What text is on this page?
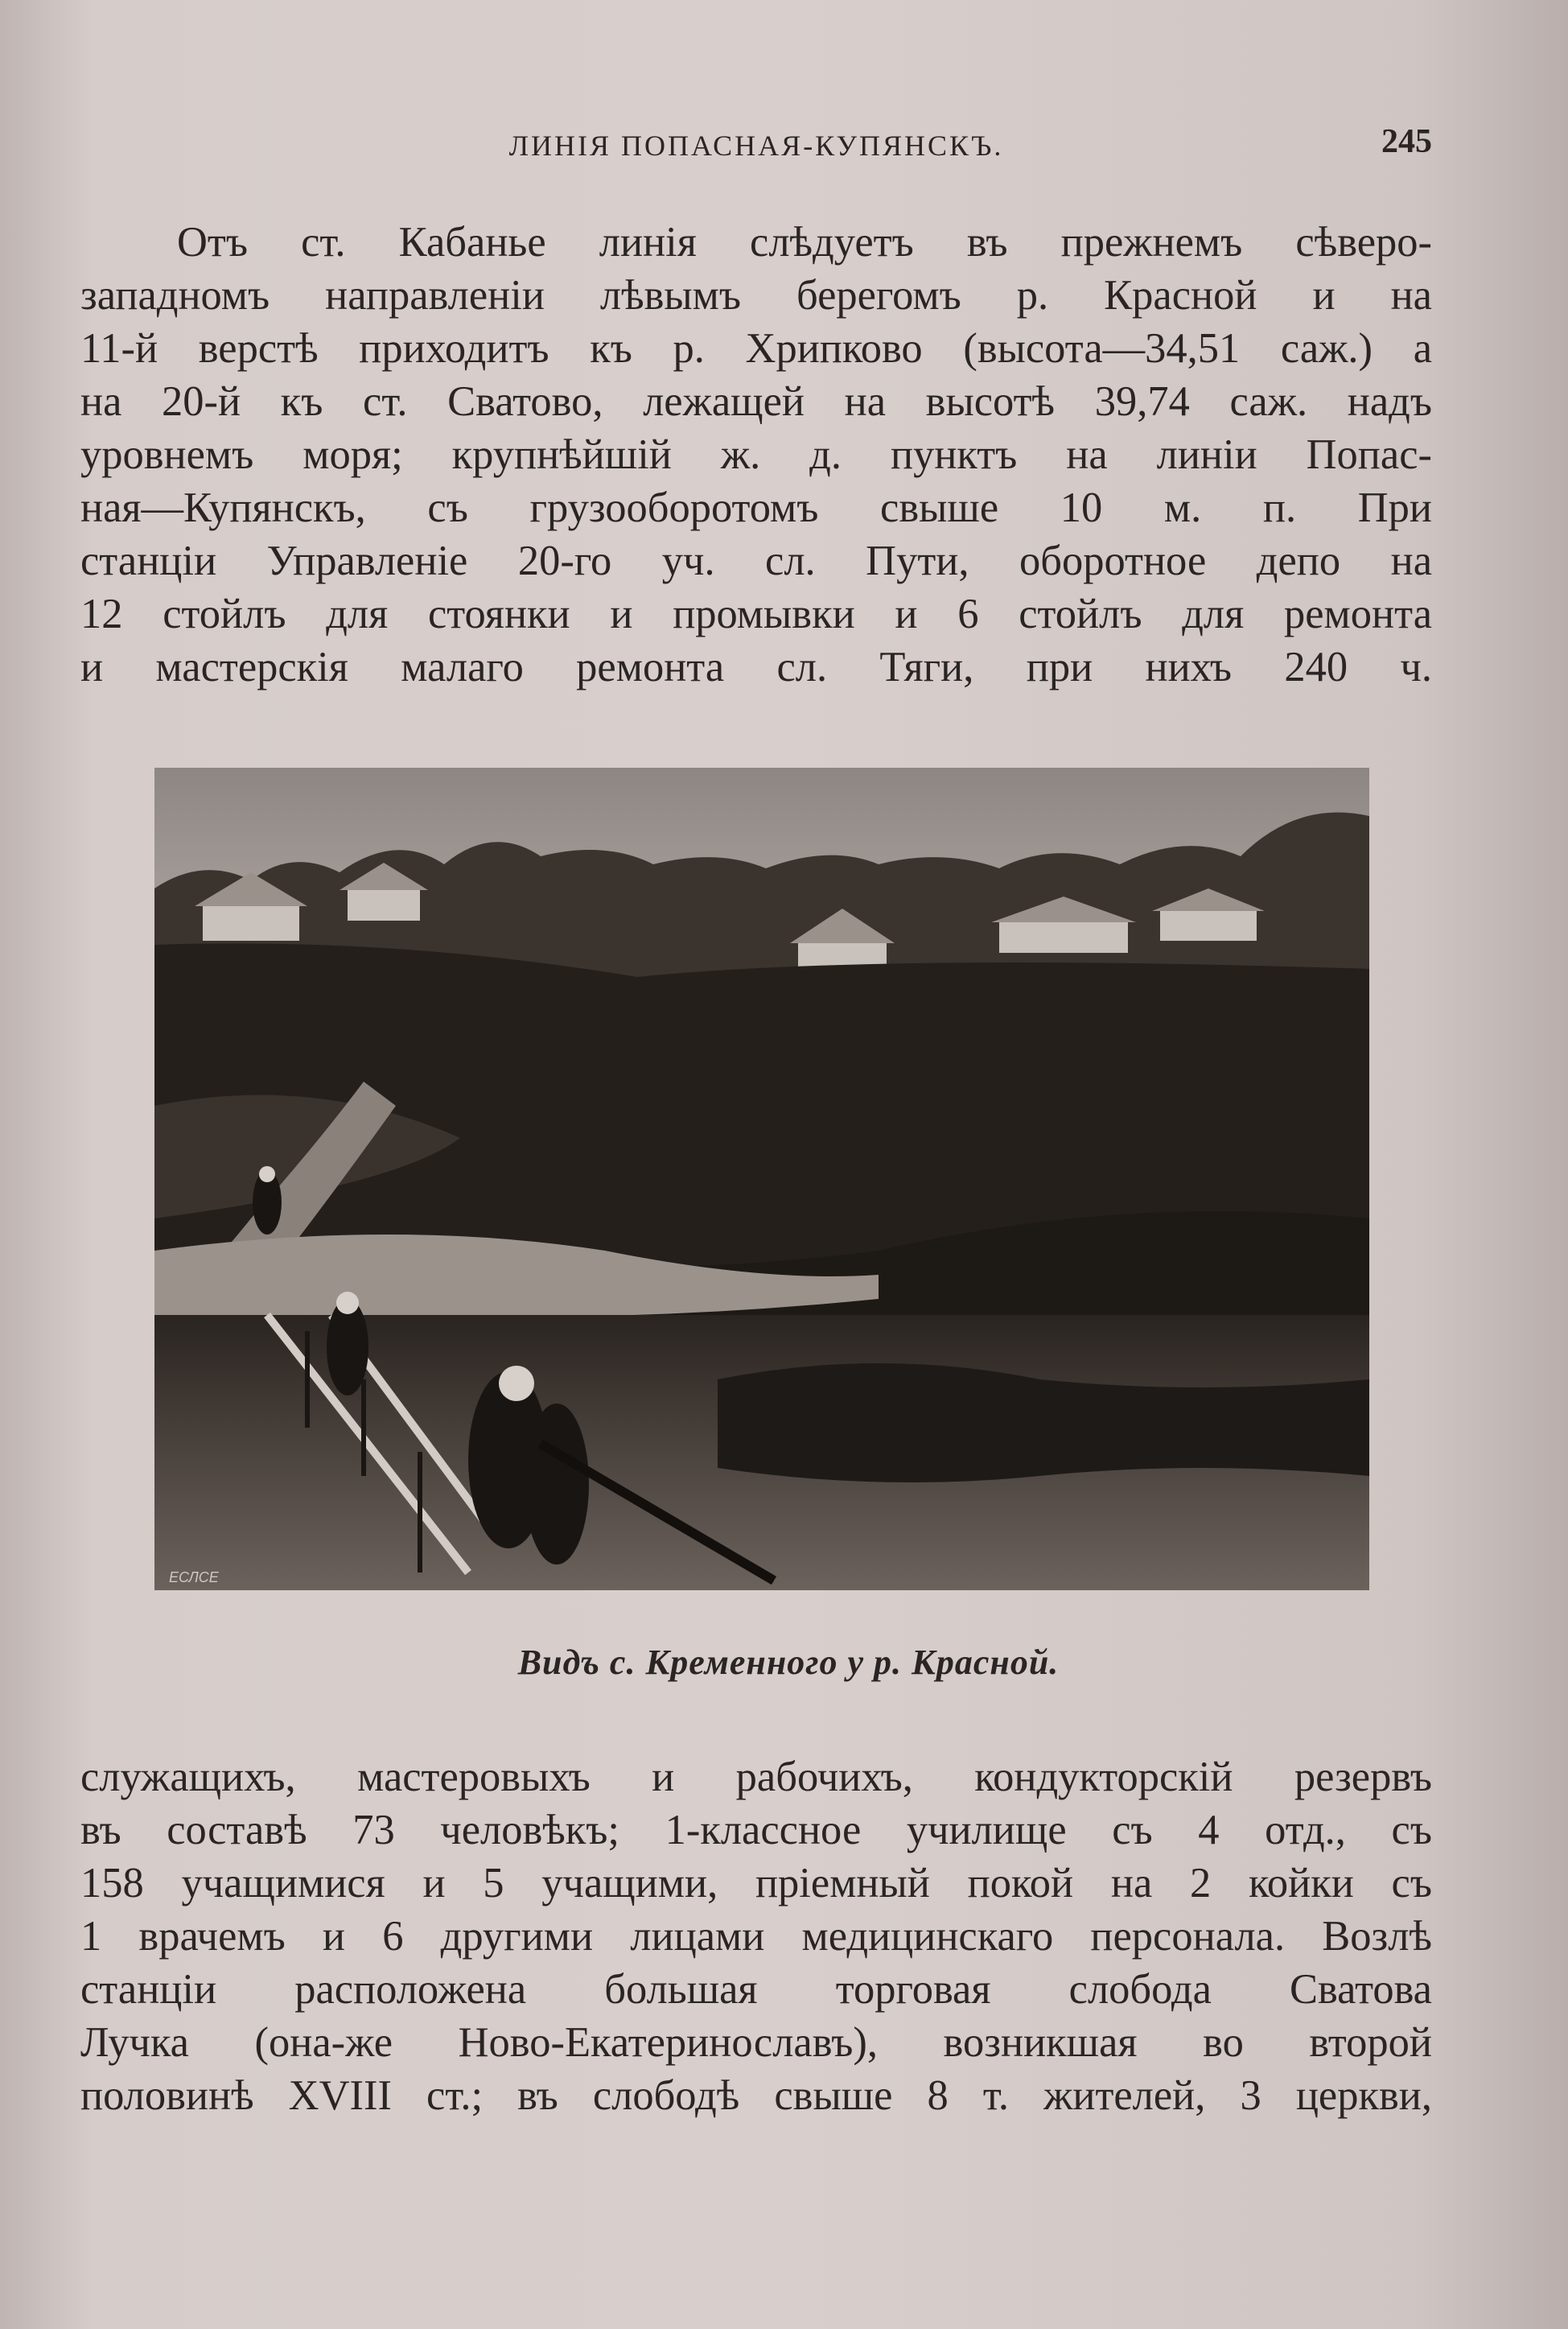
ЛИНІЯ ПОПАСНАЯ-КУПЯНСКЪ.	245
Отъ ст. Кабанье линія слѣдуетъ въ прежнемъ сѣверо-
западномъ направленіи лѣвымъ берегомъ р. Красной и на
11-й верстѣ приходитъ къ р. Хрипково (высота—34,51 саж.) а
на 20-й къ ст. Сватово, лежащей на высотѣ 39,74 саж. надъ
уровнемъ моря; крупнѣйшій ж. д. пунктъ на линіи Попас-
ная—Купянскъ, съ грузооборотомъ свыше 10 м. п. При
станціи Управленіе 20-го уч. сл. Пути, оборотное депо на
12 стойлъ для стоянки и промывки и 6 стойлъ для ремонта
и мастерскія малаго ремонта сл. Тяги, при нихъ 240 ч.
ЕСЛСЕ
Видъ с. Кременного у р. Красной.
служащихъ, мастеровыхъ и рабочихъ, кондукторскій резервъ
въ составѣ 73 человѣкъ; 1-классное училище съ 4 отд., съ
158 учащимися и 5 учащими, пріемный покой на 2 койки съ
1 врачемъ и 6 другими лицами медицинскаго персонала. Возлѣ
станціи расположена большая торговая слобода Сватова
Лучка (она-же Ново-Екатеринославъ), возникшая во второй
половинѣ XVIII ст.; въ слободѣ свыше 8 т. жителей, 3 церкви,
